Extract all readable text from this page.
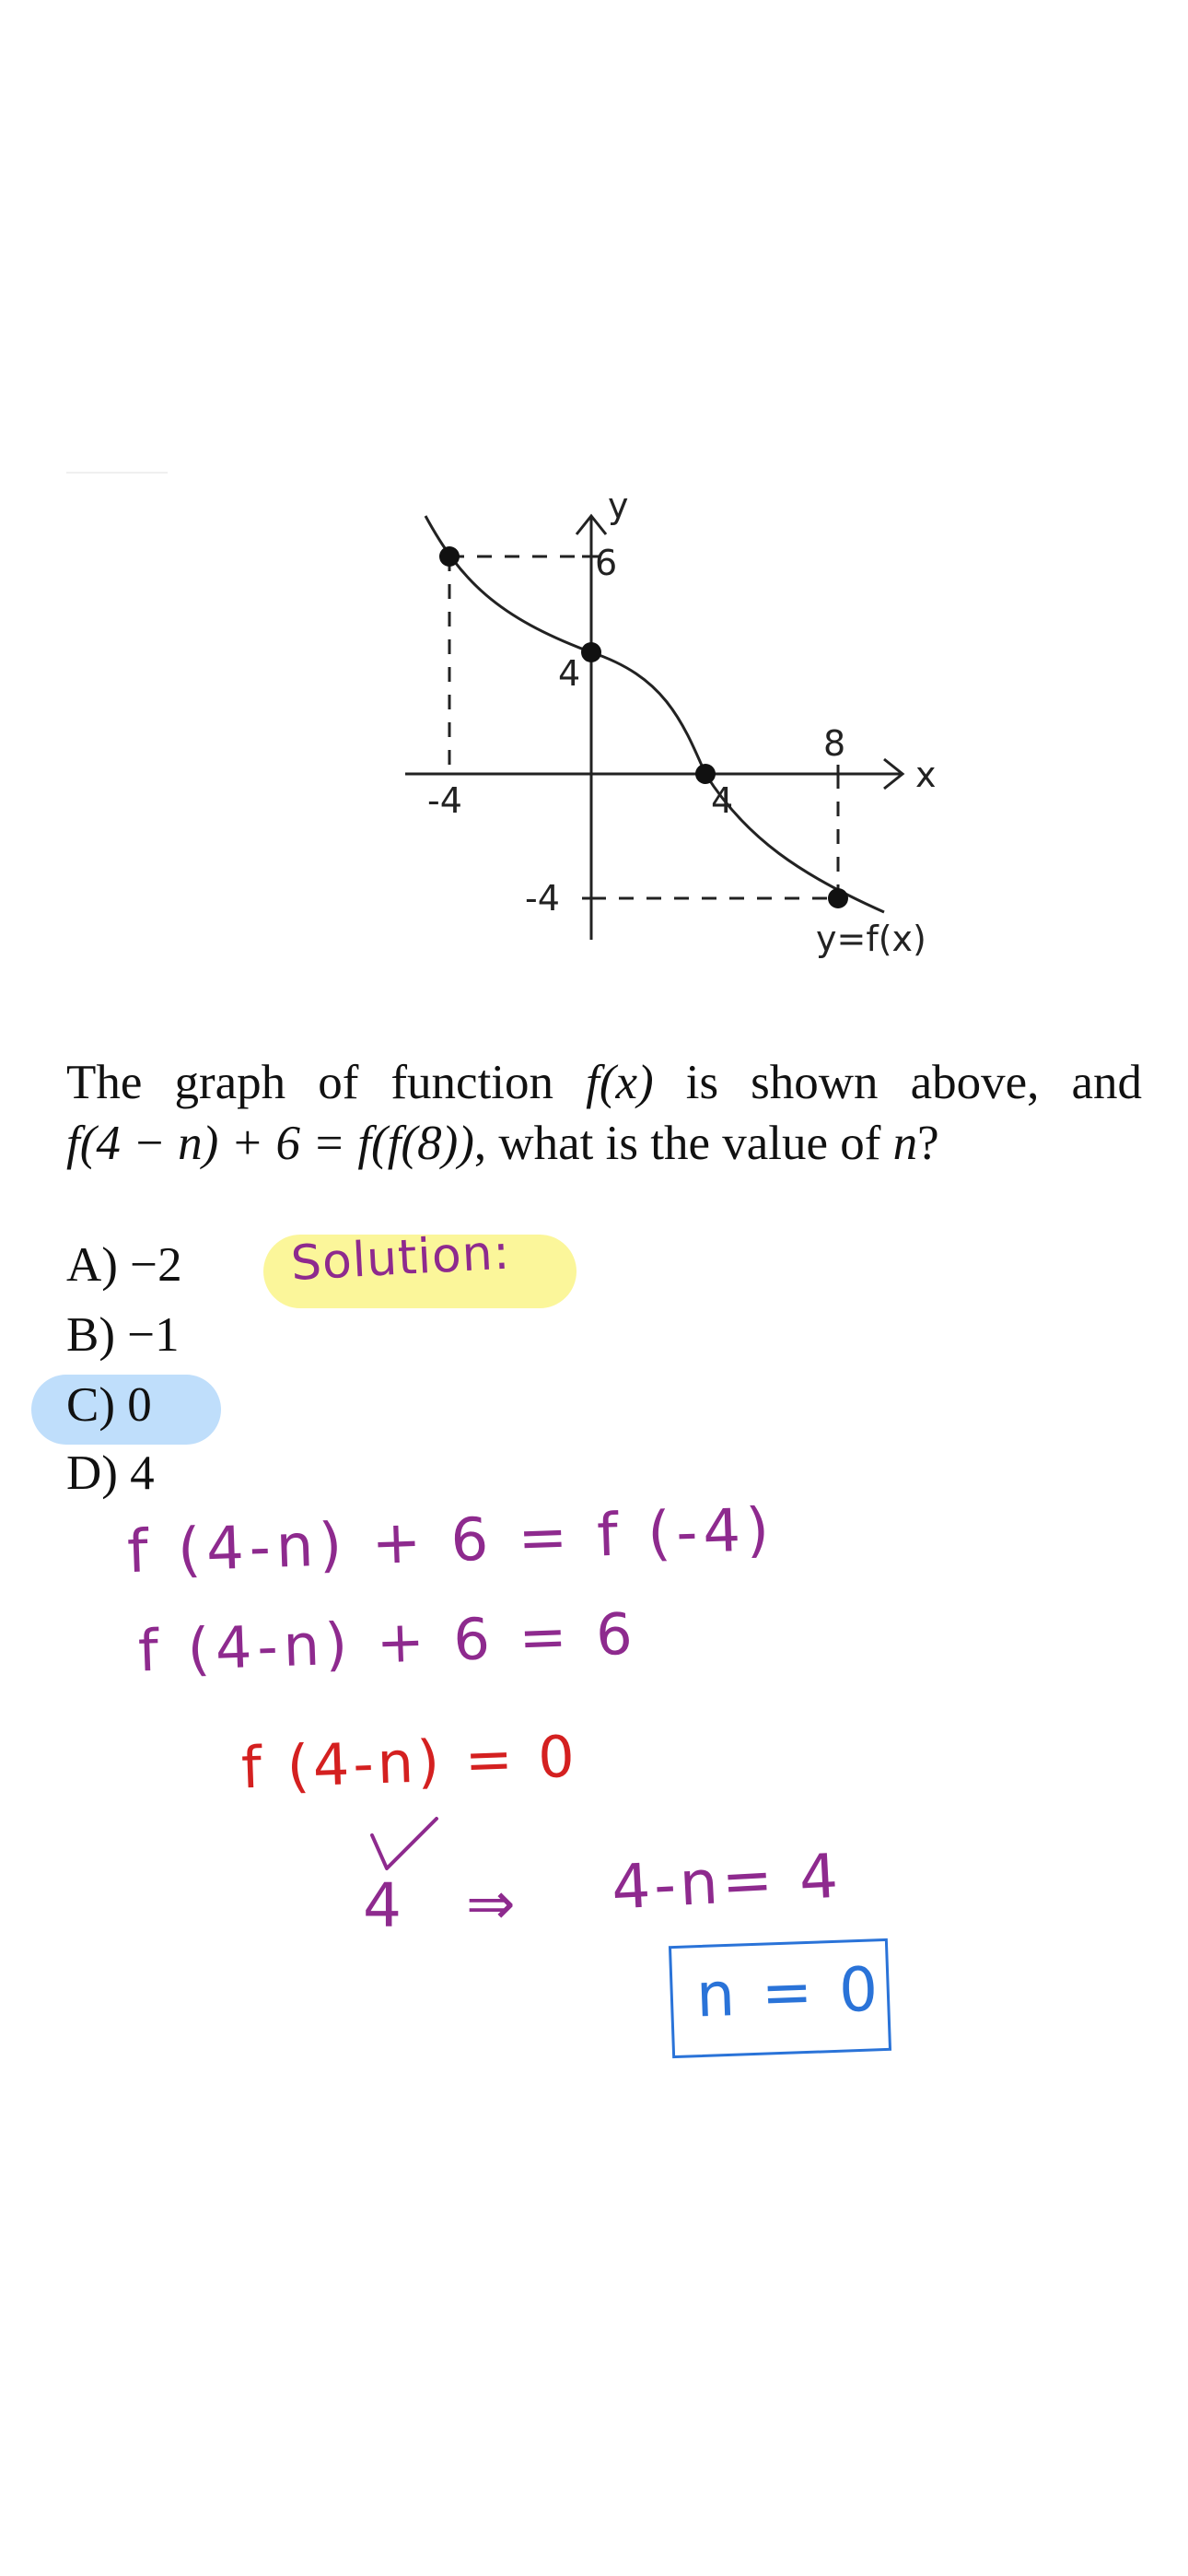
y
x
6
4
-4
-4	4
8
y=f(x)
The graph of function f(x) is shown above, and
f(4 − n) + 6 = f(f(8)), what is the value of n?
A) −2
B) −1
C) 0
D) 4
Solution:
f (4-n) + 6 = f (-4)
f (4-n) + 6 = 6
f (4-n) = 0
4 ⇒ 4-n= 4
n = 0
